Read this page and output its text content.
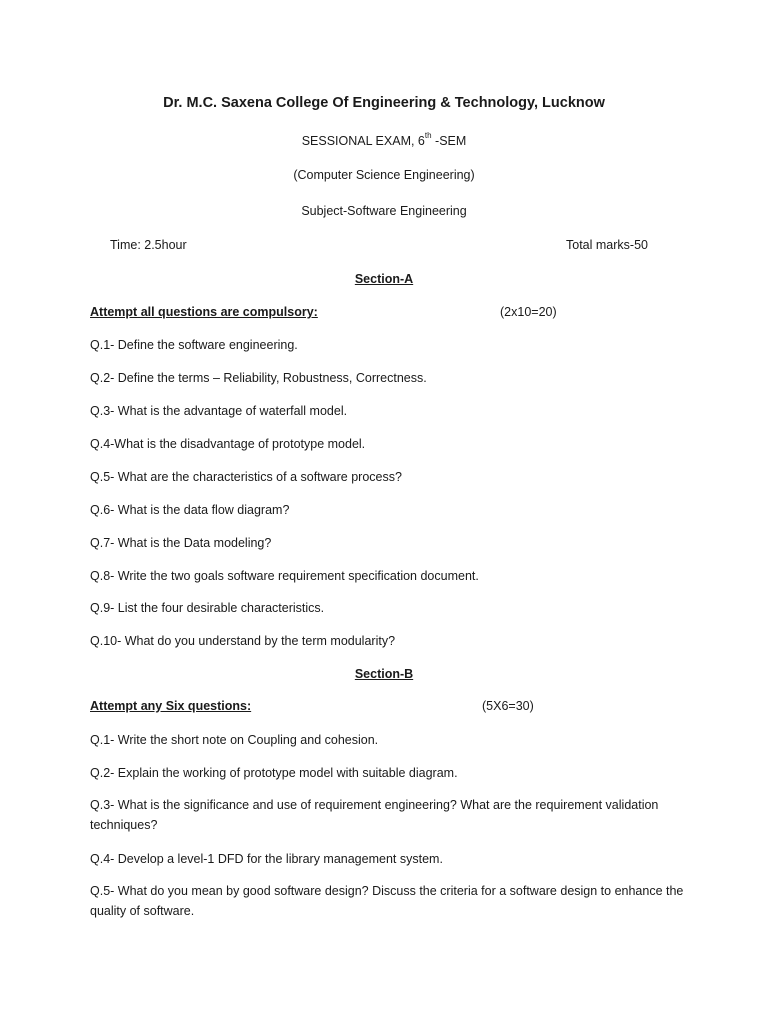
Dr. M.C. Saxena College Of Engineering & Technology, Lucknow
SESSIONAL EXAM, 6th -SEM
(Computer Science Engineering)
Subject-Software Engineering
Time: 2.5hour	Total marks-50
Section-A
Attempt all questions are compulsory:	(2x10=20)
Q.1- Define the software engineering.
Q.2- Define the terms – Reliability, Robustness, Correctness.
Q.3- What is the advantage of waterfall model.
Q.4-What is the disadvantage of prototype model.
Q.5- What are the characteristics of a software process?
Q.6- What is the data flow diagram?
Q.7- What is the Data modeling?
Q.8- Write the two goals software requirement specification document.
Q.9- List the four desirable characteristics.
Q.10- What do you understand by the term modularity?
Section-B
Attempt any Six questions:	(5X6=30)
Q.1- Write the short note on Coupling and cohesion.
Q.2- Explain the working of prototype model with suitable diagram.
Q.3- What is the significance and use of requirement engineering? What are the requirement validation techniques?
Q.4- Develop a level-1 DFD for the library management system.
Q.5- What do you mean by good software design? Discuss the criteria for a software design to enhance the quality of software.
